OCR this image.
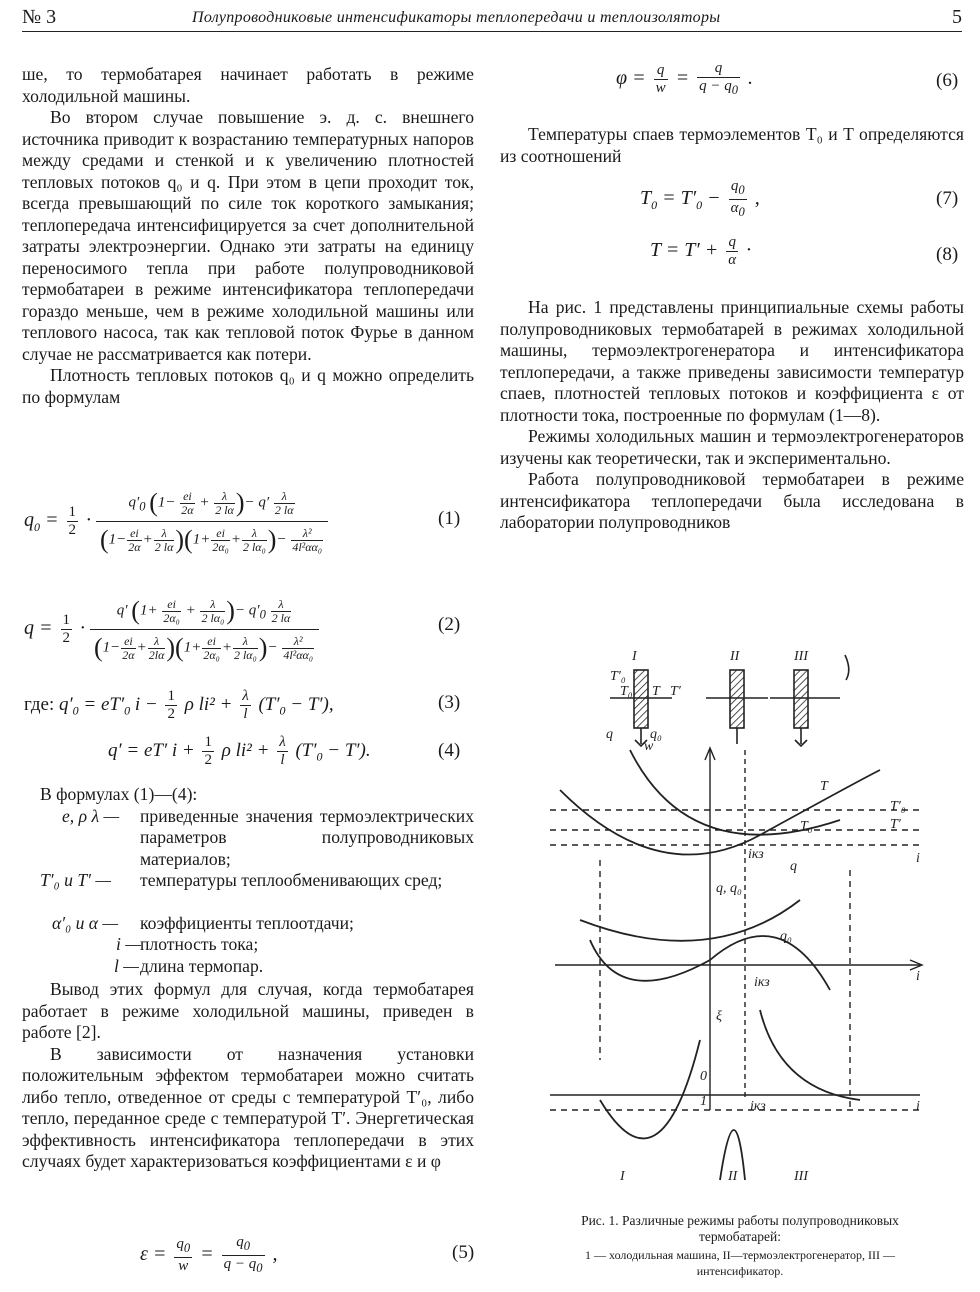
№ 3	Полупроводниковые интенсификаторы теплопередачи и теплоизоляторы	5

ше, то термобатарея начинает работать в режиме холодильной машины.

Во втором случае повышение э. д. с. внешнего источника приводит к возрастанию температурных напоров между средами и стенкой и к увеличению плотностей тепловых потоков q₀ и q. При этом в цепи проходит ток, всегда превышающий по силе ток короткого замыкания; теплопередача интенсифицируется за счет дополнительной затраты электроэнергии. Однако эти затраты на единицу переносимого тепла при работе полупроводниковой термобатареи в режиме интенсификатора теплопередачи гораздо меньше, чем в режиме холодильной машины или теплового насоса, так как тепловой поток Фурье в данном случае не рассматривается как потери.

Плотность тепловых потоков q₀ и q можно определить по формулам

$q_0 = \frac{1}{2} \cdot \frac{q'_0 (1- \frac{ei}{2\alpha} + \frac{\lambda}{2 l\alpha} )- q' \frac{\lambda}{2 l\alpha}}{(1- \frac{ei}{2\alpha} + \frac{\lambda}{2 l\alpha} )(1+ \frac{ei}{\text{2α₀}} + \frac{\lambda}{\text{2 lα₀}} )- \frac{\text{λ²}}{\text{4l²αα₀}}}$	(1)
$q = \frac{1}{2} \cdot \frac{q' (1+ \frac{ei}{\text{2α₀}} + \frac{\lambda}{\text{2 lα₀}} )- q'_0 \frac{\lambda}{2 l\alpha}}{(1- \frac{ei}{2\alpha} + \frac{\lambda}{2l\alpha} )(1+ \frac{ei}{\text{2α₀}} + \frac{\lambda}{\text{2 lα₀}} )- \frac{\text{λ²}}{\text{4l²αα₀}}}$	(2)
где: $q'_0 = eT'_0$ $i - \frac{1}{2}$ ρ $li^2 + \frac{\lambda}{l} (T'_0 - T')$,	(3)
q′ = eT′ $i + \frac{1}{2}$ ρ $li^2 + \frac{\lambda}{l} (T'_0 - T')$.	(4)

В формулах (1)—(4):

e, ρ λ — приведенные значения термоэлектрических параметров полупроводниковых материалов;
T′₀ и T′ — температуры теплообменивающих сред;
α′₀ и α — коэффициенты теплоотдачи;
i — плотность тока;
l — длина термопар.

Вывод этих формул для случая, когда термобатарея работает в режиме холодильной машины, приведен в работе [2].

В зависимости от назначения установки положительным эффектом термобатареи можно считать либо тепло, отведенное от среды с температурой T′₀, либо тепло, переданное среде с температурой T′. Энергетическая эффективность интенсификатора теплопередачи в этих случаях будет характеризоваться коэффициентами ε и φ

$\varepsilon = \frac{q_0}{w} = \frac{q_0}{q - q_0}$ ,	(5)
$\varphi = \frac{q}{w} = \frac{q}{q - q_0}$ .	(6)

Температуры спаев термоэлементов T₀ и T определяются из соотношений

$T_0 = T'_0 - \frac{q_0}{\alpha_0}$ ,	(7)
$T = T' + \frac{q}{\alpha}$ ·	(8)

На рис. 1 представлены принципиальные схемы работы полупроводниковых термобатарей в режимах холодильной машины, термоэлектрогенератора и интенсификатора теплопередачи, а также приведены зависимости температур спаев, плотностей тепловых потоков и коэффициента ε от плотности тока, построенные по формулам (1—8).

Режимы холодильных машин и термоэлектрогенераторов изучены как теоретически, так и экспериментально.

Работа полупроводниковой термобатареи в режиме интенсификатора теплопередачи была исследована в лаборатории полупроводников

I	II	III
T′₀
T₀ T T′
q	q₀
w
T′₀
T′
T
T₀
i
iкз
q, q₀
q
q₀
i
iкз
ξ
0
1	i
iкз
I	II	III
Рис. 1. Различные режимы работы полупроводниковых термобатарей:
1 — холодильная машина, II—термоэлектрогенератор, III — интенсификатор.
